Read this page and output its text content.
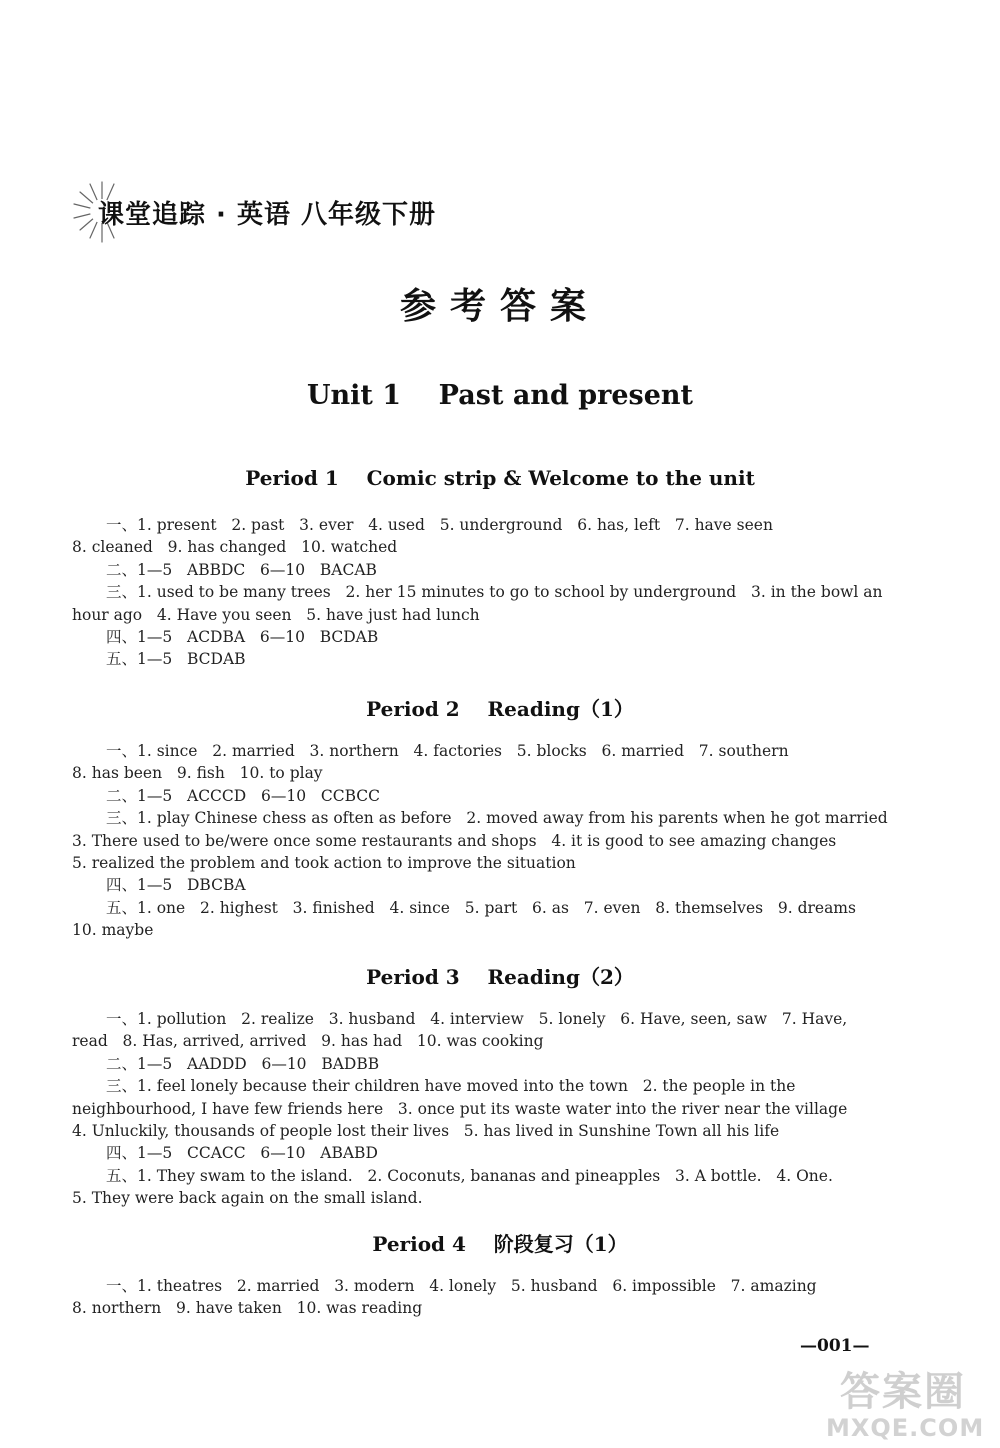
课堂追踪 · 英语 八年级下册
参考答案
Unit 1    Past and present
Period 1    Comic strip & Welcome to the unit
一、1. present   2. past   3. ever   4. used   5. underground   6. has, left   7. have seen
8. cleaned   9. has changed   10. watched
二、1—5   ABBDC   6—10   BACAB
三、1. used to be many trees   2. her 15 minutes to go to school by underground   3. in the bowl an
hour ago   4. Have you seen   5. have just had lunch
四、1—5   ACDBA   6—10   BCDAB
五、1—5   BCDAB
Period 2    Reading（1）
一、1. since   2. married   3. northern   4. factories   5. blocks   6. married   7. southern
8. has been   9. fish   10. to play
二、1—5   ACCCD   6—10   CCBCC
三、1. play Chinese chess as often as before   2. moved away from his parents when he got married
3. There used to be/were once some restaurants and shops   4. it is good to see amazing changes
5. realized the problem and took action to improve the situation
四、1—5   DBCBA
五、1. one   2. highest   3. finished   4. since   5. part   6. as   7. even   8. themselves   9. dreams
10. maybe
Period 3    Reading（2）
一、1. pollution   2. realize   3. husband   4. interview   5. lonely   6. Have, seen, saw   7. Have,
read   8. Has, arrived, arrived   9. has had   10. was cooking
二、1—5   AADDD   6—10   BADBB
三、1. feel lonely because their children have moved into the town   2. the people in the
neighbourhood, I have few friends here   3. once put its waste water into the river near the village
4. Unluckily, thousands of people lost their lives   5. has lived in Sunshine Town all his life
四、1—5   CCACC   6—10   ABABD
五、1. They swam to the island.   2. Coconuts, bananas and pineapples   3. A bottle.   4. One.
5. They were back again on the small island.
Period 4    阶段复习（1）
一、1. theatres   2. married   3. modern   4. lonely   5. husband   6. impossible   7. amazing
8. northern   9. have taken   10. was reading
—001—
答案圈
MXQE.COM
